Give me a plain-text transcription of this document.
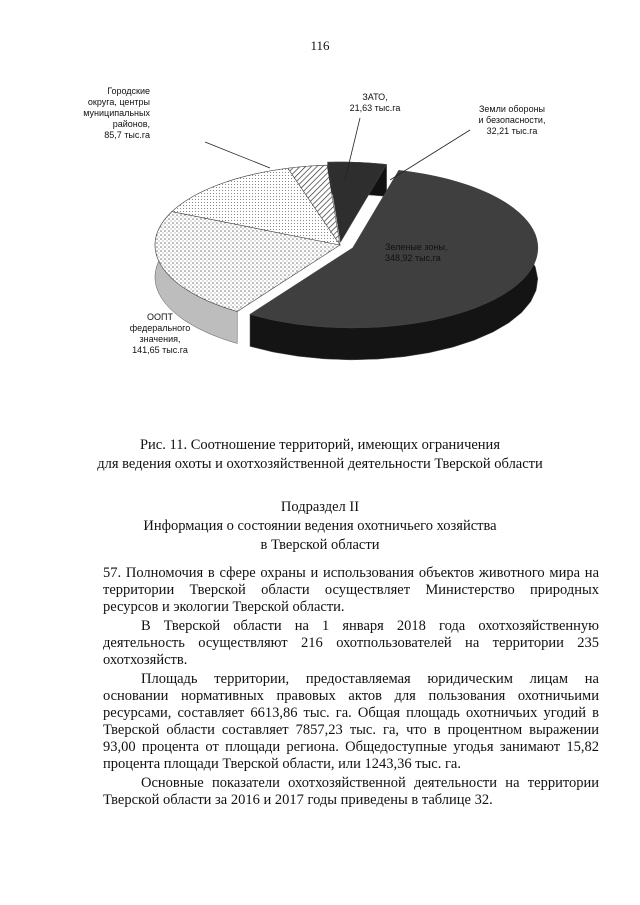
116
Зеленые зоны, 348,92 тыс.га
ООПТ федерального значения, 141,65 тыс.га
Городские округа, центры муниципальных районов, 85,7 тыс.га
ЗАТО, 21,63 тыс.га	Земли обороны и безопасности, 32,21 тыс.га
Рис. 11. Соотношение территорий, имеющих ограничения
для ведения охоты и охотхозяйственной деятельности Тверской области
Подраздел II
Информация о состоянии ведения охотничьего хозяйства
в Тверской области

57. Полномочия в сфере охраны и использования объектов животного мира на территории Тверской области осуществляет Министерство природных ресурсов и экологии Тверской области.

В Тверской области на 1 января 2018 года охотхозяйственную деятельность осуществляют 216 охотпользователей на территории 235 охотхозяйств.

Площадь территории, предоставляемая юридическим лицам на основании нормативных правовых актов для пользования охотничьими ресурсами, составляет 6613,86 тыс. га. Общая площадь охотничьих угодий в Тверской области составляет 7857,23 тыс. га, что в процентном выражении 93,00 процента от площади региона. Общедоступные угодья занимают 15,82 процента площади Тверской области, или 1243,36 тыс. га.

Основные показатели охотхозяйственной деятельности на территории Тверской области за 2016 и 2017 годы приведены в таблице 32.
